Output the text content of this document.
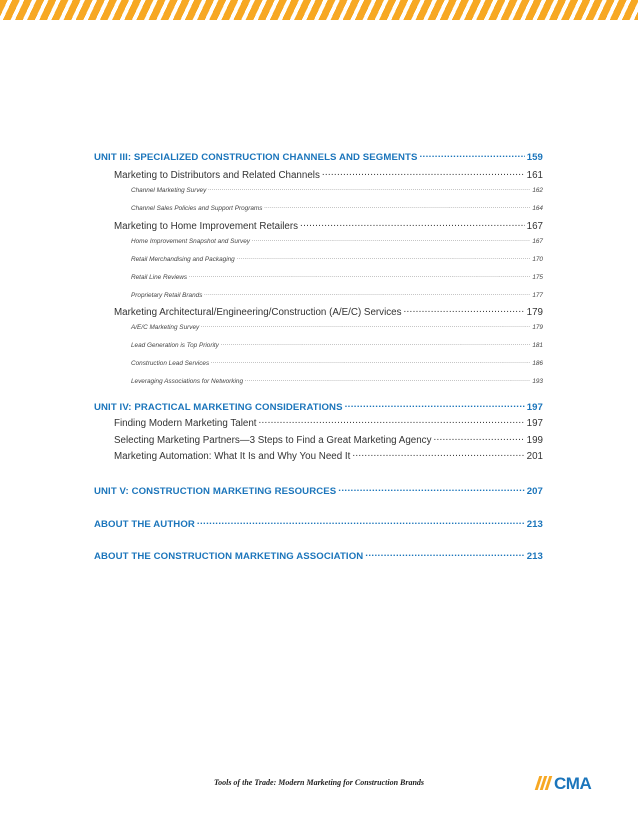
UNIT III: SPECIALIZED CONSTRUCTION CHANNELS AND SEGMENTS .....	159
Marketing to Distributors and Related Channels .....	161
Channel Marketing Survey .....	162
Channel Sales Policies and Support Programs .....	164
Marketing to Home Improvement Retailers .....	167
Home Improvement Snapshot and Survey .....	167
Retail Merchandising and Packaging .....	170
Retail Line Reviews .....	175
Proprietary Retail Brands .....	177
Marketing Architectural/Engineering/Construction (A/E/C) Services .....	179
A/E/C Marketing Survey .....	179
Lead Generation is Top Priority .....	181
Construction Lead Services .....	186
Leveraging Associations for Networking .....	193
UNIT IV: PRACTICAL MARKETING CONSIDERATIONS .....	197
Finding Modern Marketing Talent .....	197
Selecting Marketing Partners—3 Steps to Find a Great Marketing Agency .....	199
Marketing Automation: What It Is and Why You Need It .....	201
UNIT V: CONSTRUCTION MARKETING RESOURCES .....	207
ABOUT THE AUTHOR .....	213
ABOUT THE CONSTRUCTION MARKETING ASSOCIATION .....	213
Tools of the Trade: Modern Marketing for Construction Brands	CMA
